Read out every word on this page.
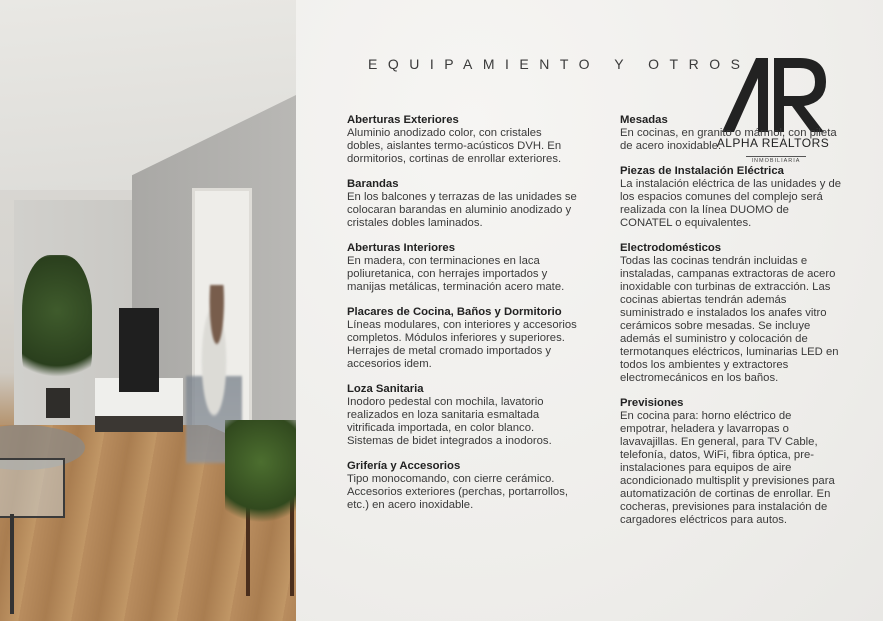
EQUIPAMIENTO Y OTROS
ALPHA REALTORS
INMOBILIARIA
Aberturas Exteriores

Aluminio anodizado color, con cristales dobles, aislantes termo-acústicos DVH. En dormitorios, cortinas de enrollar exteriores.

Barandas

En los balcones y terrazas de las unidades se colocaran barandas en aluminio anodizado y cristales dobles laminados.

Aberturas Interiores

En madera, con terminaciones en laca poliuretanica, con herrajes importados y manijas metálicas, terminación acero mate.

Placares de Cocina, Baños y Dormitorio

Líneas modulares, con interiores y accesorios completos. Módulos inferiores y superiores. Herrajes de metal cromado importados y accesorios idem.

Loza Sanitaria

Inodoro pedestal con mochila, lavatorio realizados en loza sanitaria esmaltada vitrificada importada, en color blanco. Sistemas de bidet integrados a inodoros.

Grifería y Accesorios

Tipo monocomando, con cierre cerámico. Accesorios exteriores (perchas, portarrollos, etc.) en acero inoxidable.

Mesadas

En cocinas, en granito o mármol, con pileta de acero inoxidable.

Piezas de Instalación Eléctrica

La instalación eléctrica de las unidades y de los espacios comunes del complejo será realizada con la línea DUOMO de CONATEL o equivalentes.

Electrodomésticos

Todas las cocinas tendrán incluidas e instaladas, campanas extractoras de acero inoxidable con turbinas de extracción. Las cocinas abiertas tendrán además suministrado e instalados los anafes vitro cerámicos sobre mesadas. Se incluye además el suministro y colocación de termotanques eléctricos, luminarias LED en todos los ambientes y extractores electromecánicos en los baños.

Previsiones

En cocina para: horno eléctrico de empotrar, heladera y lavarropas o lavavajillas. En general, para TV Cable, telefonía, datos, WiFi, fibra óptica, pre-instalaciones para equipos de aire acondicionado multisplit y previsiones para automatización de cortinas de enrollar. En cocheras, previsiones para instalación de cargadores eléctricos para autos.
